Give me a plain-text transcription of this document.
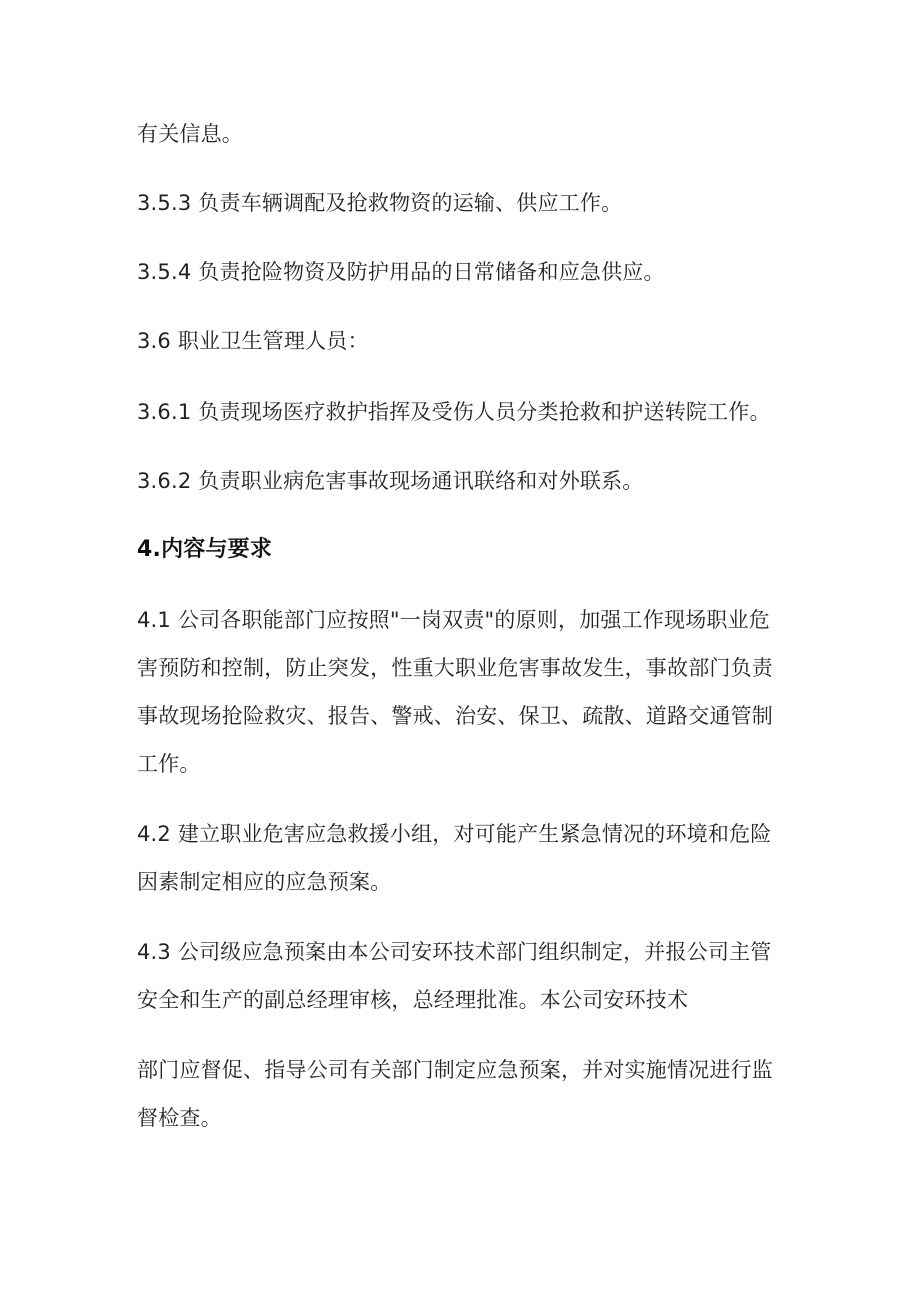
有关信息。
3.5.3 负责车辆调配及抢救物资的运输、供应工作。
3.5.4 负责抢险物资及防护用品的日常储备和应急供应。
3.6 职业卫生管理人员：
3.6.1 负责现场医疗救护指挥及受伤人员分类抢救和护送转院工作。
3.6.2 负责职业病危害事故现场通讯联络和对外联系。
4.内容与要求
4.1 公司各职能部门应按照"一岗双责"的原则，加强工作现场职业危
害预防和控制，防止突发，性重大职业危害事故发生，事故部门负责
事故现场抢险救灾、报告、警戒、治安、保卫、疏散、道路交通管制
工作。
4.2 建立职业危害应急救援小组，对可能产生紧急情况的环境和危险
因素制定相应的应急预案。
4.3 公司级应急预案由本公司安环技术部门组织制定，并报公司主管
安全和生产的副总经理审核，总经理批准。本公司安环技术
部门应督促、指导公司有关部门制定应急预案，并对实施情况进行监
督检查。
